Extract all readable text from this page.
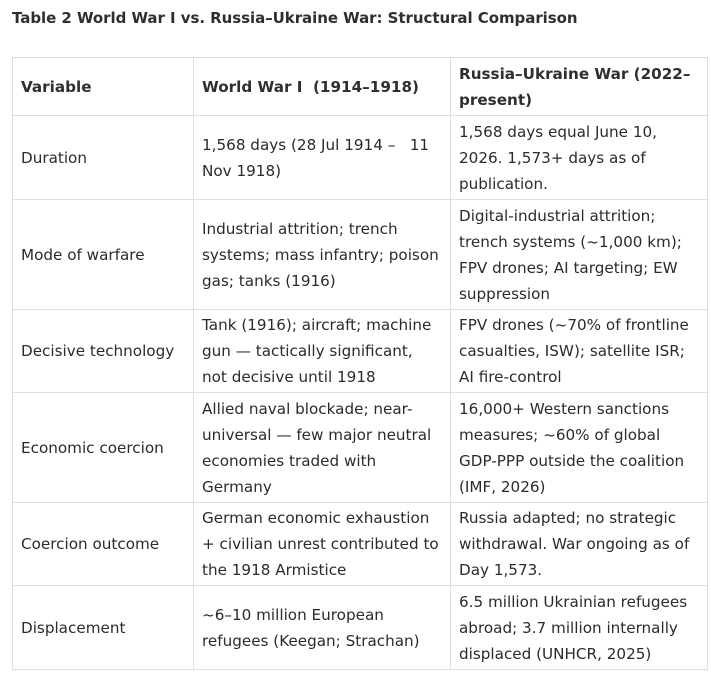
Table 2 World War I vs. Russia–Ukraine War: Structural Comparison
Variable	World War I  (1914–1918)	Russia–Ukraine War (2022–present)
Duration	1,568 days (28 Jul 1914 –   11 Nov 1918)	1,568 days equal June 10, 2026. 1,573+ days as of publication.
Mode of warfare	Industrial attrition; trench systems; mass infantry; poison gas; tanks (1916)	Digital-industrial attrition; trench systems (~1,000 km); FPV drones; AI targeting; EW suppression
Decisive technology	Tank (1916); aircraft; machine gun — tactically significant, not decisive until 1918	FPV drones (~70% of frontline casualties, ISW); satellite ISR; AI fire-control
Economic coercion	Allied naval blockade; near-universal — few major neutral economies traded with Germany	16,000+ Western sanctions measures; ~60% of global GDP-PPP outside the coalition (IMF, 2026)
Coercion outcome	German economic exhaustion + civilian unrest contributed to the 1918 Armistice	Russia adapted; no strategic withdrawal. War ongoing as of Day 1,573.
Displacement	~6–10 million European refugees (Keegan; Strachan)	6.5 million Ukrainian refugees abroad; 3.7 million internally displaced (UNHCR, 2025)
